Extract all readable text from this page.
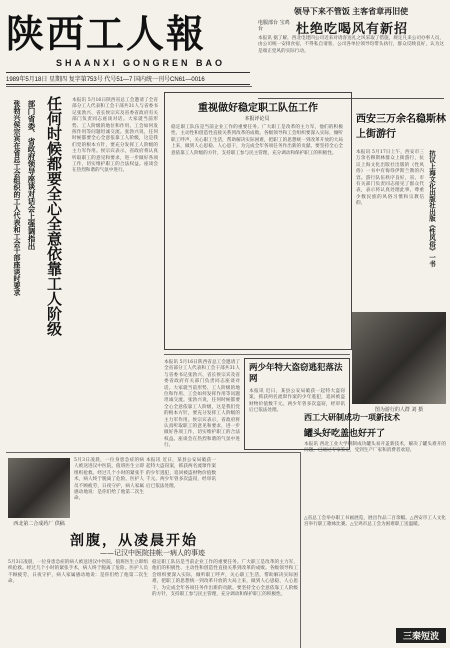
陕西工人報
SHAANXI GONGREN BAO
1989年5月18日 星期四 复字第753号 代号51—7 国内统一刊号CN61—0016
领导下来不管饭 主客省章再旧使
电服部台 宝鸡台	杜绝吃喝风有新招
本报讯 据了解，西北电建四公司近来对请客送礼之风采取了措施，规定凡来公司办事人员，由公司统一安排食宿，不得私自请客，公司各单位领导均带头执行，群众反映良好，认为这是端正党风的实际行动。
张勃兴侯宗宾在省总工会组织的工人代表和工会干部座谈时要求 部门省委、省政府领导座谈对话会上强调指出 任何时候都要全心全意依靠工人阶级	本报讯 5月16日陕西省总工会邀请了全省部分工人代表和工会干部共31人与省委书记张勃兴、省长侯宗宾及省委省政府有关部门负责同志座谈对话。大家就当前形势、工人阶级的地位和作用、工会如何发挥作用等问题坦诚交流。张勃兴说，任何时候都要全心全意依靠工人阶级，这是我们党的根本方针，要充分发挥工人阶级的主力军作用。侯宗宾表示，省政府将认真听取职工的意见和要求，进一步做好各项工作，切实维护职工的合法权益。座谈会在热烈和谐的气氛中进行。
重视做好稳定职工队伍工作
本报评论员
稳定职工队伍是当前企业工作的重要任务。广大职工是改革的主力军，他们的积极性、主动性和创造性直接关系到改革的成败。各级领导和工会组织要深入实际，倾听职工呼声，关心职工生活，帮助解决实际困难，把职工的思想统一到改革开放的大局上来，做到人心思稳、人心思干，为完成全年各项任务作出新的贡献。要坚持全心全意依靠工人阶级的方针，支持职工参与民主管理，充分调动和保护职工的积极性。
西安三万余名稳斯林上街游行
抗议上海文化出版社出版《性风俗》一书
本报讯 5月17日上午，西安市三万余名穆斯林群众上街游行，抗议上海文化出版社出版的《性风俗》一书中有侮辱伊斯兰教的内容。游行队伍秩序良好，省、市有关部门负责同志接见了群众代表，表示将认真处理此事，尊重少数民族的风俗习惯和宗教信仰。
图为游行的人群 刘 摄
本报讯 5月16日陕西省总工会邀请了全省部分工人代表和工会干部共31人与省委书记张勃兴、省长侯宗宾及省委省政府有关部门负责同志座谈对话。大家就当前形势、工人阶级的地位和作用、工会如何发挥作用等问题坦诚交流。张勃兴说，任何时候都要全心全意依靠工人阶级，这是我们党的根本方针，要充分发挥工人阶级的主力军作用。侯宗宾表示，省政府将认真听取职工的意见和要求，进一步做好各项工作，切实维护职工的合法权益。座谈会在热烈和谐的气氛中进行。
两少年特大盗窃逃犯落法网
本报讯 近日，某县公安局破获一起特大盗窃案，抓获两名流窜作案的少年逃犯，追回被盗财物价值数千元。两少年曾多次盗窃，经审讯后已依法处理。
西工大研制成功一项新技术
罐头好吃盖也好开了
本报讯 西北工业大学研制成功罐头易开盖新技术，解决了罐头难开的问题，已通过专家鉴定，受到生产厂家和消费者欢迎。
西北第二合成药厂 供稿
5月3日凌晨，一位身患急症的病人被送进汉中医院，值班医生立即组织抢救。经过几个小时的紧张手术，病人终于脱离了危险。医护人员不顾疲劳，日夜守护，病人家属感动地说：是你们给了他第二次生命。
本报讯 近日，某县公安局破获一起特大盗窃案，抓获两名流窜作案的少年逃犯，追回被盗财物价值数千元。两少年曾多次盗窃，经审讯后已依法处理。
剖腹，从凌晨开始
——记汉中医院挂帐一病人的事迹
5月3日凌晨，一位身患急症的病人被送进汉中医院，值班医生立即组织抢救。经过几个小时的紧张手术，病人终于脱离了危险。医护人员不顾疲劳，日夜守护，病人家属感动地说：是你们给了他第二次生命。
稳定职工队伍是当前企业工作的重要任务。广大职工是改革的主力军，他们的积极性、主动性和创造性直接关系到改革的成败。各级领导和工会组织要深入实际，倾听职工呼声，关心职工生活，帮助解决实际困难，把职工的思想统一到改革开放的大局上来，做到人心思稳、人心思干，为完成全年各项任务作出新的贡献。要坚持全心全意依靠工人阶级的方针，支持职工参与民主管理，充分调动和保护职工的积极性。
△省总工会举办职工书画展览，展出作品二百余幅。△西安市工人文化宫举行职工歌咏比赛。△宝鸡市总工会为困难职工送温暖。
三秦短波
